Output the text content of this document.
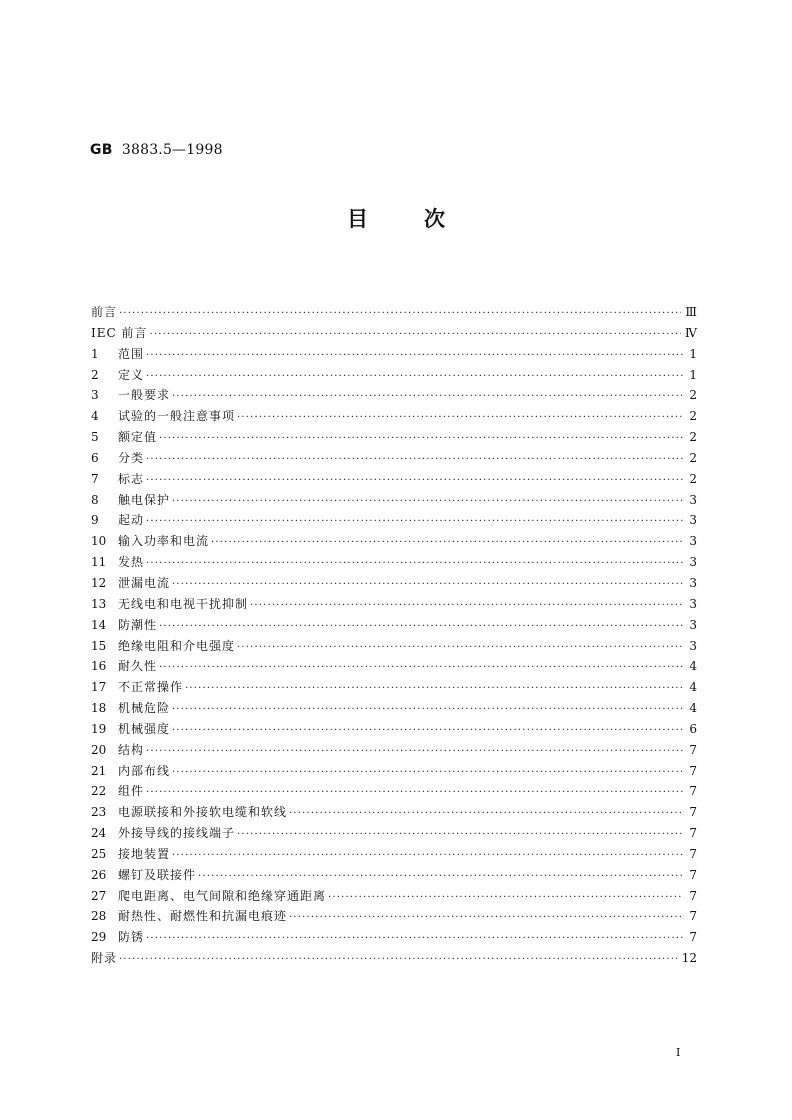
GB 3883.5—1998
目	次
前言 ·····	Ⅲ
IEC 前言 ·····	Ⅳ
1	范围 ·····	1
2	定义 ·····	1
3	一般要求 ·····	2
4	试验的一般注意事项 ·····	2
5	额定值 ·····	2
6	分类 ·····	2
7	标志 ·····	2
8	触电保护 ·····	3
9	起动 ·····	3
10 输入功率和电流 ·····	3
11 发热 ·····	3
12 泄漏电流 ·····	3
13 无线电和电视干扰抑制 ·····	3
14 防潮性 ·····	3
15 绝缘电阻和介电强度 ·····	3
16 耐久性 ·····	4
17 不正常操作 ·····	4
18 机械危险 ·····	4
19 机械强度 ·····	6
20 结构 ·····	7
21 内部布线 ·····	7
22 组件 ·····	7
23 电源联接和外接软电缆和软线 ·····	7
24 外接导线的接线端子 ·····	7
25 接地装置 ·····	7
26 螺钉及联接件 ·····	7
27 爬电距离、电气间隙和绝缘穿通距离 ·····	7
28 耐热性、耐燃性和抗漏电痕迹 ·····	7
29 防锈 ·····	7
附录 ·····	12
Ⅰ
